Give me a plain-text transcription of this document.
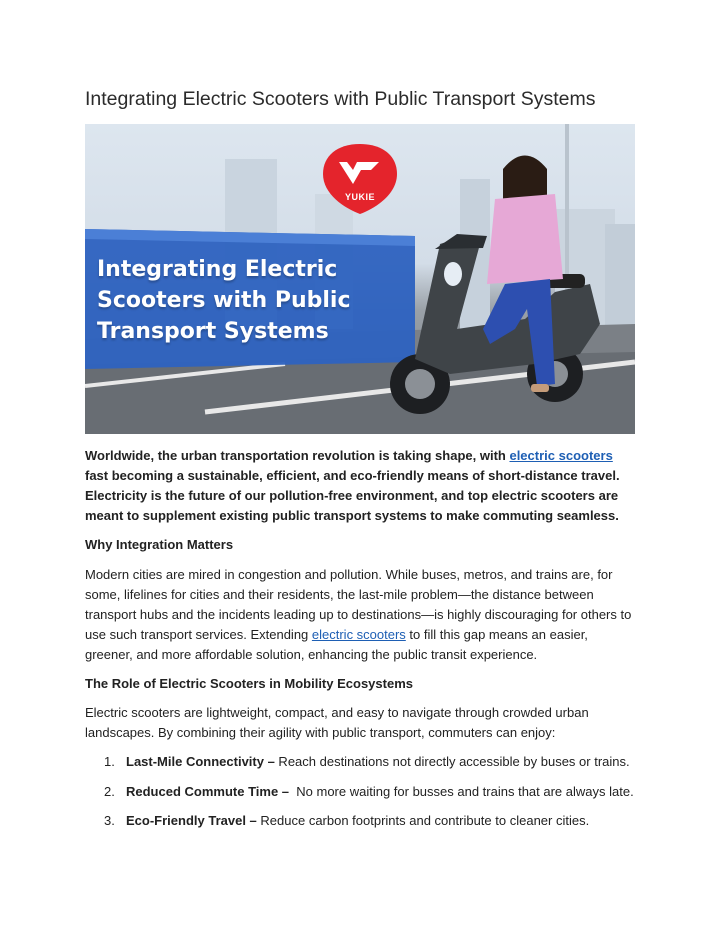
Integrating Electric Scooters with Public Transport Systems
YUKIE
Integrating Electric
Scooters with Public
Transport Systems

Worldwide, the urban transportation revolution is taking shape, with electric scooters fast becoming a sustainable, efficient, and eco-friendly means of short-distance travel. Electricity is the future of our pollution-free environment, and top electric scooters are meant to supplement existing public transport systems to make commuting seamless.

Why Integration Matters

Modern cities are mired in congestion and pollution. While buses, metros, and trains are, for some, lifelines for cities and their residents, the last-mile problem—the distance between transport hubs and the incidents leading up to destinations—is highly discouraging for others to use such transport services. Extending electric scooters to fill this gap means an easier, greener, and more affordable solution, enhancing the public transit experience.

The Role of Electric Scooters in Mobility Ecosystems

Electric scooters are lightweight, compact, and easy to navigate through crowded urban landscapes. By combining their agility with public transport, commuters can enjoy:

1. Last-Mile Connectivity – Reach destinations not directly accessible by buses or trains.
2. Reduced Commute Time –  No more waiting for busses and trains that are always late.
3. Eco-Friendly Travel – Reduce carbon footprints and contribute to cleaner cities.
